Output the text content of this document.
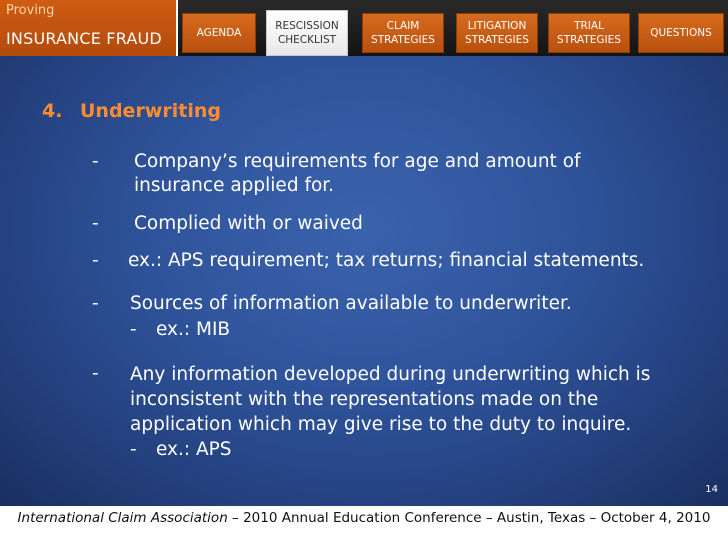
Proving
INSURANCE FRAUD	AGENDA
RESCISSION
CHECKLIST
CLAIM
STRATEGIES
LITIGATION
STRATEGIES
TRIAL
STRATEGIES
QUESTIONS
4. Underwriting
- Company’s requirements for age and amount of
insurance applied for.
- Complied with or waived
- ex.: APS requirement; tax returns; financial statements.
- Sources of information available to underwriter.
- ex.: MIB
- Any information developed during underwriting which is
inconsistent with the representations made on the
application which may give rise to the duty to inquire.
- ex.: APS
14
International Claim Association – 2010 Annual Education Conference – Austin, Texas – October 4, 2010
